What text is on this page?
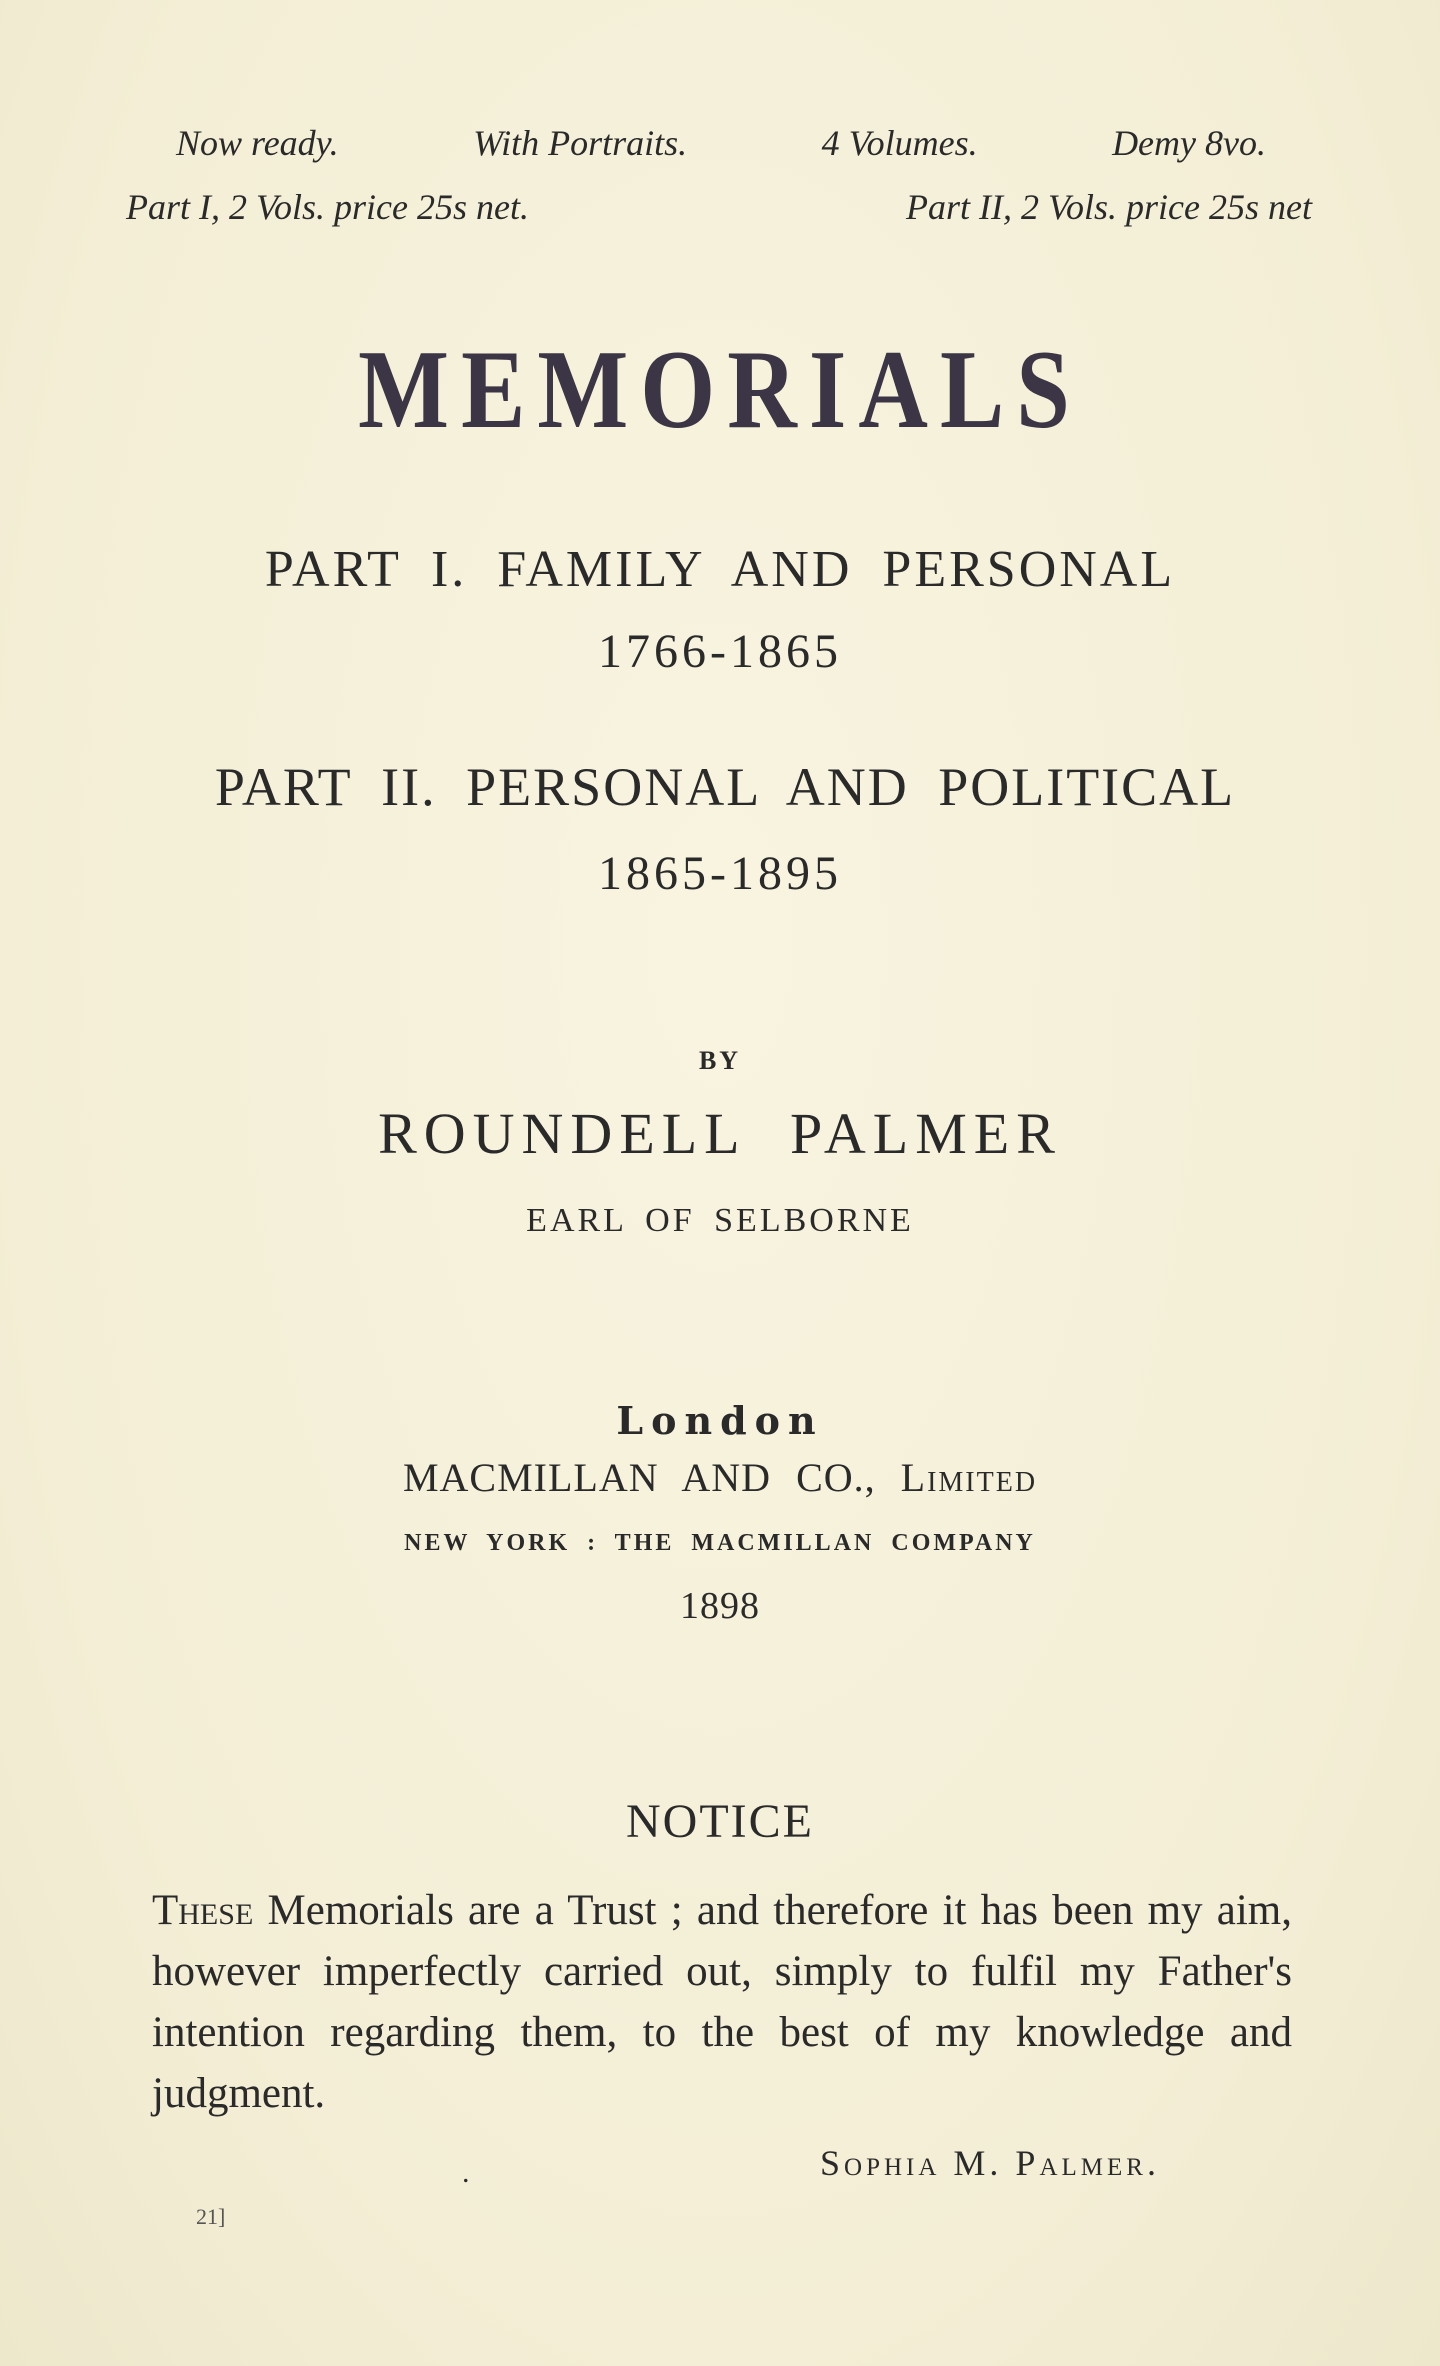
Now ready.	With Portraits.	4 Volumes.	Demy 8vo.
Part I, 2 Vols. price 25s net.	Part II, 2 Vols. price 25s net
MEMORIALS
PART I. FAMILY AND PERSONAL
1766-1865
PART II. PERSONAL AND POLITICAL
1865-1895
BY
ROUNDELL PALMER
EARL OF SELBORNE
London
MACMILLAN AND CO., Limited
NEW YORK : THE MACMILLAN COMPANY
1898
NOTICE
These Memorials are a Trust ; and therefore it has been my aim, however imperfectly carried out, simply to fulfil my Father's intention regarding them, to the best of my knowledge and judgment.
.	Sophia M. Palmer.
21]
